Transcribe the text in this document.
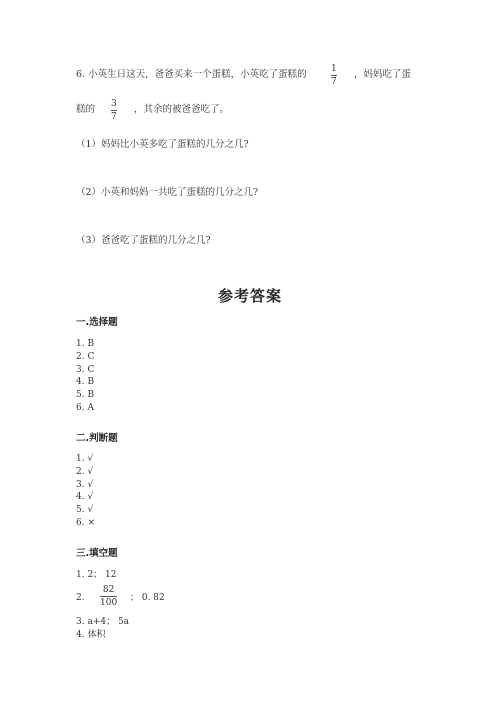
6. 小英生日这天，爸爸买来一个蛋糕，小英吃了蛋糕的	1
7
，妈妈吃了蛋
糕的 3
7
，其余的被爸爸吃了。
（1）妈妈比小英多吃了蛋糕的几分之几?
（2）小英和妈妈一共吃了蛋糕的几分之几?
（3）爸爸吃了蛋糕的几分之几?
参考答案
一.选择题
1. B
2. C
3. C
4. B
5. B
6. A
二.判断题
1. √
2. √
3. √
4. √
5. √
6. ×
三.填空题
1. 2； 12
2.
82
100 ； 0. 82
3. a+4； 5a
4. 体积
